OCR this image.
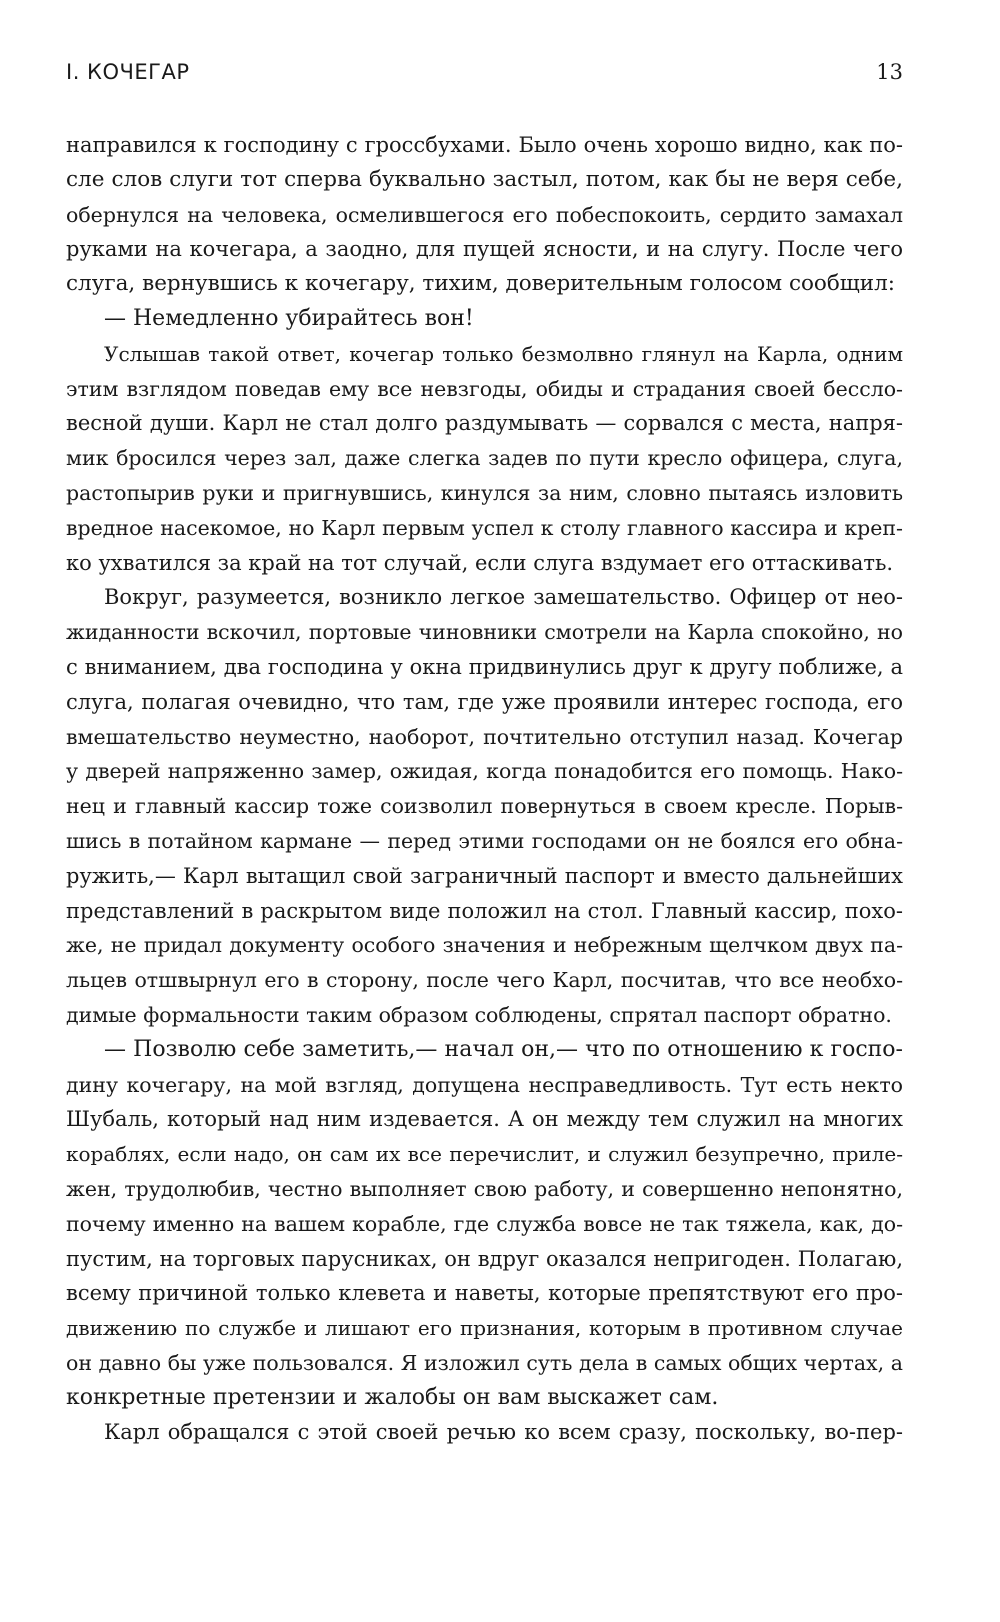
I. КОЧЕГАР	13
направился к господину с гроссбухами. Было очень хорошо видно, как по-
сле слов слуги тот сперва буквально застыл, потом, как бы не веря себе,
обернулся на человека, осмелившегося его побеспокоить, сердито замахал
руками на кочегара, а заодно, для пущей ясности, и на слугу. После чего
слуга, вернувшись к кочегару, тихим, доверительным голосом сообщил:
— Немедленно убирайтесь вон!
Услышав такой ответ, кочегар только безмолвно глянул на Карла, одним
этим взглядом поведав ему все невзгоды, обиды и страдания своей бессло-
весной души. Карл не стал долго раздумывать — сорвался с места, напря-
мик бросился через зал, даже слегка задев по пути кресло офицера, слуга,
растопырив руки и пригнувшись, кинулся за ним, словно пытаясь изловить
вредное насекомое, но Карл первым успел к столу главного кассира и креп-
ко ухватился за край на тот случай, если слуга вздумает его оттаскивать.
Вокруг, разумеется, возникло легкое замешательство. Офицер от нео-
жиданности вскочил, портовые чиновники смотрели на Карла спокойно, но
с вниманием, два господина у окна придвинулись друг к другу поближе, а
слуга, полагая очевидно, что там, где уже проявили интерес господа, его
вмешательство неуместно, наоборот, почтительно отступил назад. Кочегар
у дверей напряженно замер, ожидая, когда понадобится его помощь. Нако-
нец и главный кассир тоже соизволил повернуться в своем кресле. Порыв-
шись в потайном кармане — перед этими господами он не боялся его обна-
ружить,— Карл вытащил свой заграничный паспорт и вместо дальнейших
представлений в раскрытом виде положил на стол. Главный кассир, похо-
же, не придал документу особого значения и небрежным щелчком двух па-
льцев отшвырнул его в сторону, после чего Карл, посчитав, что все необхо-
димые формальности таким образом соблюдены, спрятал паспорт обратно.
— Позволю себе заметить,— начал он,— что по отношению к госпо-
дину кочегару, на мой взгляд, допущена несправедливость. Тут есть некто
Шубаль, который над ним издевается. А он между тем служил на многих
кораблях, если надо, он сам их все перечислит, и служил безупречно, приле-
жен, трудолюбив, честно выполняет свою работу, и совершенно непонятно,
почему именно на вашем корабле, где служба вовсе не так тяжела, как, до-
пустим, на торговых парусниках, он вдруг оказался непригоден. Полагаю,
всему причиной только клевета и наветы, которые препятствуют его про-
движению по службе и лишают его признания, которым в противном случае
он давно бы уже пользовался. Я изложил суть дела в самых общих чертах, а
конкретные претензии и жалобы он вам выскажет сам.
Карл обращался с этой своей речью ко всем сразу, поскольку, во-пер-
